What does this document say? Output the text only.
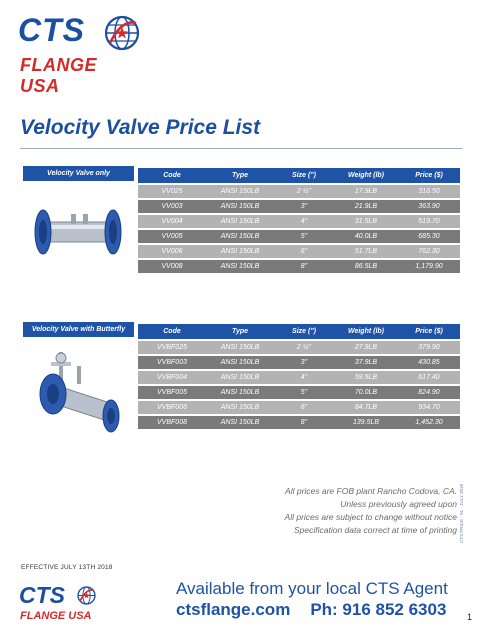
CTS
FLANGE USA
Velocity Valve Price List
Velocity Valve only	Code	Type	Size (")	Weight (lb)	Price ($)
VV025	ANSI 150LB	2 ½"	17.9LB	316.50
VV003	ANSI 150LB	3"	21.9LB	363.90
VV004	ANSI 150LB	4"	31.5LB	519.70
VV005	ANSI 150LB	5"	40.0LB	685.30
VV006	ANSI 150LB	6"	51.7LB	762.30
VV008	ANSI 150LB	8"	86.5LB	1,179.90
Velocity Valve with Butterfly	Code	Type	Size (")	Weight (lb)	Price ($)
VVBF025	ANSI 150LB	2 ½"	27.9LB	379.90
VVBF003	ANSI 150LB	3"	37.9LB	430.85
VVBF004	ANSI 150LB	4"	59.5LB	617.40
VVBF005	ANSI 150LB	5"	70.0LB	824.90
VVBF006	ANSI 150LB	6"	84.7LB	934.70
VVBF008	ANSI 150LB	8"	139.5LB	1,452.30
All prices are FOB plant Rancho Codova, CA.
Unless previously agreed upon
All prices are subject to change without notice
Specification data correct at time of printing CTS PRICE - 01 - JULY 2018
EFFECTIVE JULY 13TH 2018
CTS
FLANGE USA
Available from your local CTS Agent
ctsflange.com Ph: 916 852 6303 1
